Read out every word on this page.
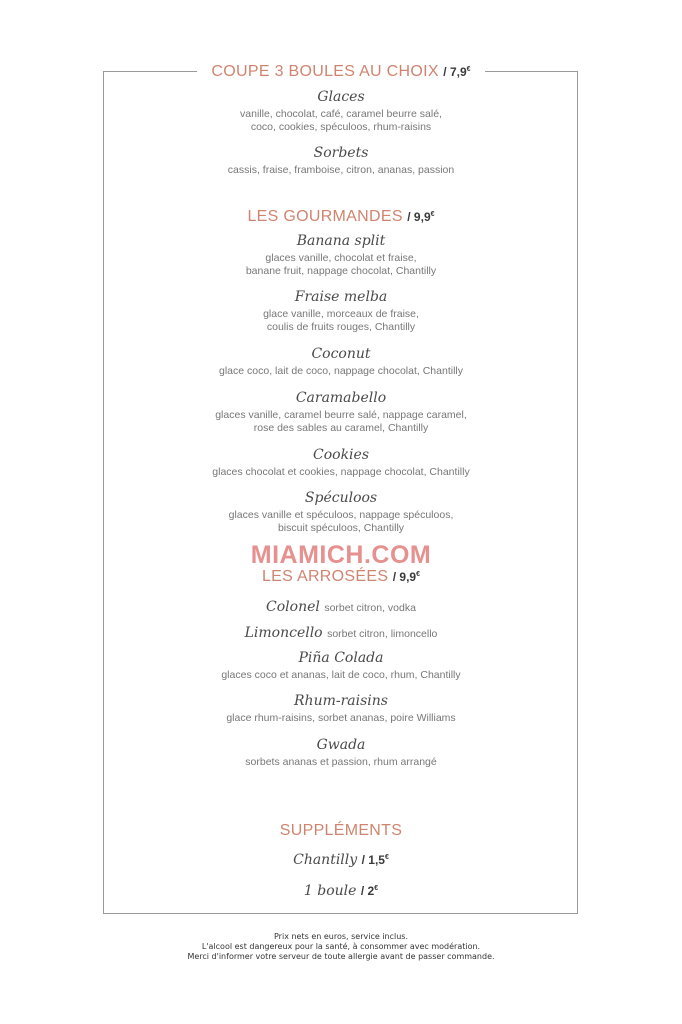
COUPE 3 BOULES AU CHOIX / 7,9€
Glaces
vanille, chocolat, café, caramel beurre salé,
coco, cookies, spéculoos, rhum-raisins
Sorbets
cassis, fraise, framboise, citron, ananas, passion
LES GOURMANDES / 9,9€
Banana split
glaces vanille, chocolat et fraise,
banane fruit, nappage chocolat, Chantilly
Fraise melba
glace vanille, morceaux de fraise,
coulis de fruits rouges, Chantilly
Coconut
glace coco, lait de coco, nappage chocolat, Chantilly
Caramabello
glaces vanille, caramel beurre salé, nappage caramel,
rose des sables au caramel, Chantilly
Cookies
glaces chocolat et cookies, nappage chocolat, Chantilly
Spéculoos
glaces vanille et spéculoos, nappage spéculoos,
biscuit spéculoos, Chantilly
MIAMICH.COM
LES ARROSÉES / 9,9€
Colonel sorbet citron, vodka
Limoncello sorbet citron, limoncello
Piña Colada
glaces coco et ananas, lait de coco, rhum, Chantilly
Rhum-raisins
glace rhum-raisins, sorbet ananas, poire Williams
Gwada
sorbets ananas et passion, rhum arrangé
SUPPLÉMENTS
Chantilly / 1,5€
1 boule / 2€
Prix nets en euros, service inclus.
L'alcool est dangereux pour la santé, à consommer avec modération.
Merci d'informer votre serveur de toute allergie avant de passer commande.
